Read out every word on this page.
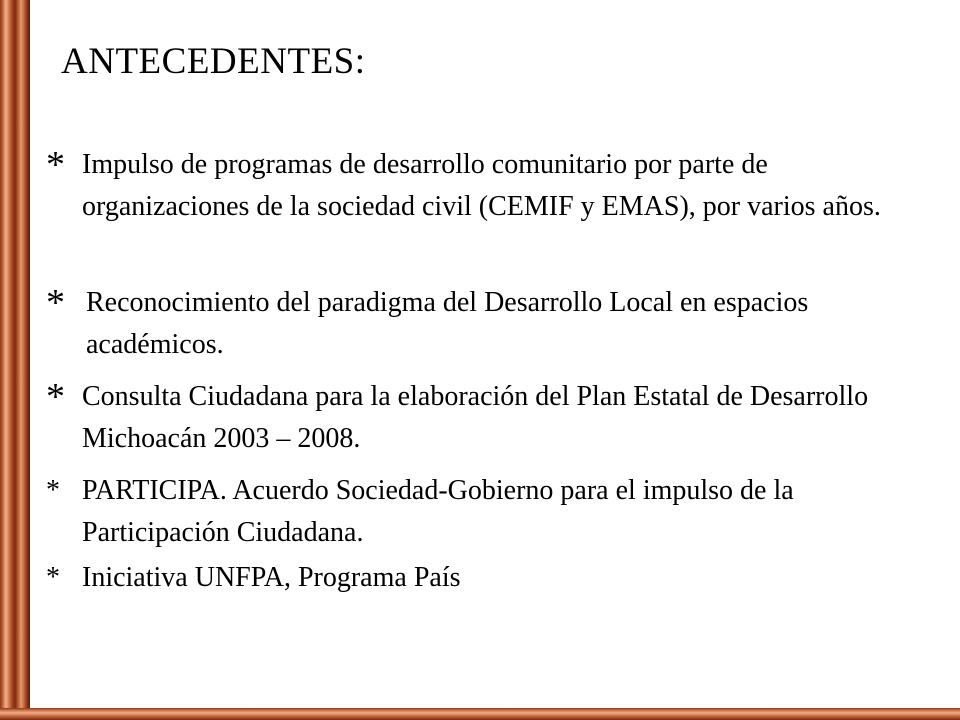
ANTECEDENTES:

* Impulso de programas de desarrollo comunitario por parte de organizaciones de la sociedad civil (CEMIF y EMAS), por varios años.

* Reconocimiento del paradigma del Desarrollo Local en espacios académicos.

* Consulta Ciudadana para la elaboración del Plan Estatal de Desarrollo Michoacán 2003 – 2008.

* PARTICIPA. Acuerdo Sociedad-Gobierno para el impulso de la Participación Ciudadana.

* Iniciativa UNFPA, Programa País
